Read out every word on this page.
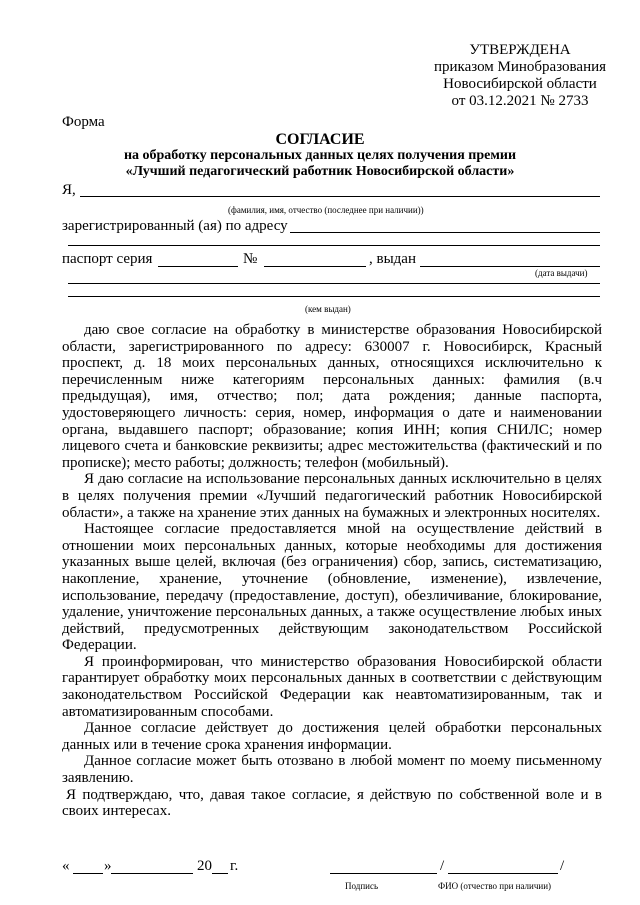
УТВЕРЖДЕНА
приказом Минобразования
Новосибирской области
от 03.12.2021 № 2733
Форма
СОГЛАСИЕ
на обработку персональных данных целях получения премии
«Лучший педагогический работник Новосибирской области»
Я,
(фамилия, имя, отчество (последнее при наличии))
зарегистрированный (ая) по адресу
паспорт серия	№	, выдан
(дата выдачи)
(кем выдан)

даю свое согласие на обработку в министерстве образования Новосибирской области, зарегистрированного по адресу: 630007 г. Новосибирск, Красный проспект, д. 18 моих персональных данных, относящихся исключительно к перечисленным ниже категориям персональных данных: фамилия (в.ч предыдущая), имя, отчество; пол; дата рождения; данные паспорта, удостоверяющего личность: серия, номер, информация о дате и наименовании органа, выдавшего паспорт; образование; копия ИНН; копия СНИЛС; номер лицевого счета и банковские реквизиты; адрес местожительства (фактический и по прописке); место работы; должность; телефон (мобильный).

Я даю согласие на использование персональных данных исключительно в целях в целях получения премии «Лучший педагогический работник Новосибирской области», а также на хранение этих данных на бумажных и электронных носителях.

Настоящее согласие предоставляется мной на осуществление действий в отношении моих персональных данных, которые необходимы для достижения указанных выше целей, включая (без ограничения) сбор, запись, систематизацию, накопление, хранение, уточнение (обновление, изменение), извлечение, использование, передачу (предоставление, доступ), обезличивание, блокирование, удаление, уничтожение персональных данных, а также осуществление любых иных действий, предусмотренных действующим законодательством Российской Федерации.

Я проинформирован, что министерство образования Новосибирской области гарантирует обработку моих персональных данных в соответствии с действующим законодательством Российской Федерации как неавтоматизированным, так и автоматизированным способами.

Данное согласие действует до достижения целей обработки персональных данных или в течение срока хранения информации.

Данное согласие может быть отозвано в любой момент по моему письменному заявлению.

Я подтверждаю, что, давая такое согласие, я действую по собственной воле и в своих интересах.

« »	20 г.	/	/
Подпись	ФИО (отчество при наличии)
